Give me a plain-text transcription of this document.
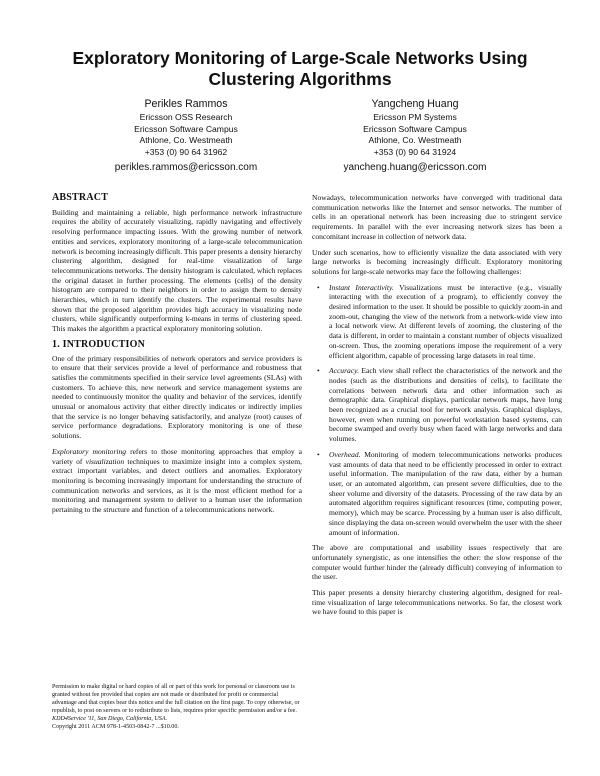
Exploratory Monitoring of Large-Scale Networks Using Clustering Algorithms
Perikles Rammos
Ericsson OSS Research
Ericsson Software Campus
Athlone, Co. Westmeath
+353 (0) 90 64 31962
perikles.rammos@ericsson.com
Yangcheng Huang
Ericsson PM Systems
Ericsson Software Campus
Athlone, Co. Westmeath
+353 (0) 90 64 31924
yancheng.huang@ericsson.com
ABSTRACT

Building and maintaining a reliable, high performance network infrastructure requires the ability of accurately visualizing, rapidly navigating and effectively resolving performance impacting issues. With the growing number of network entities and services, exploratory monitoring of a large-scale telecommunication network is becoming increasingly difficult. This paper presents a density hierarchy clustering algorithm, designed for real-time visualization of large telecommunications networks. The density histogram is calculated, which replaces the original dataset in further processing. The elements (cells) of the density histogram are compared to their neighbors in order to assign them to density hierarchies, which in turn identify the clusters. The experimental results have shown that the proposed algorithm provides high accuracy in visualizing node clusters, while significantly outperforming k-means in terms of clustering speed. This makes the algorithm a practical exploratory monitoring solution.

1. INTRODUCTION

One of the primary responsibilities of network operators and service providers is to ensure that their services provide a level of performance and robustness that satisfies the commitments specified in their service level agreements (SLAs) with customers. To achieve this, new network and service management systems are needed to continuously monitor the quality and behavior of the services, identify unusual or anomalous activity that either directly indicates or indirectly implies that the service is no longer behaving satisfactorily, and analyze (root) causes of service performance degradations. Exploratory monitoring is one of these solutions.

Exploratory monitoring refers to those monitoring approaches that employ a variety of visualization techniques to maximize insight into a complex system, extract important variables, and detect outliers and anomalies. Exploratory monitoring is becoming increasingly important for understanding the structure of communication networks and services, as it is the most efficient method for a monitoring and management system to deliver to a human user the information pertaining to the structure and function of a telecommunications network.

Permission to make digital or hard copies of all or part of this work for personal or classroom use is granted without fee provided that copies are not made or distributed for profit or commercial advantage and that copies bear this notice and the full citation on the first page. To copy otherwise, or republish, to post on servers or to redistribute to lists, requires prior specific permission and/or a fee.

KDD4Service '11, San Diego, California, USA.

Copyright 2011 ACM 978-1-4503-0842-7 ...$10.00.

Nowadays, telecommunication networks have converged with traditional data communication networks like the Internet and sensor networks. The number of cells in an operational network has been increasing due to stringent service requirements. In parallel with the ever increasing network sizes has been a concomitant increase in collection of network data.

Under such scenarios, how to efficiently visualize the data associated with very large networks is becoming increasingly difficult. Exploratory monitoring solutions for large-scale networks may face the following challenges:

• Instant Interactivity. Visualizations must be interactive (e.g., visually interacting with the execution of a program), to efficiently convey the desired information to the user. It should be possible to quickly zoom-in and zoom-out, changing the view of the network from a network-wide view into a local network view. At different levels of zooming, the clustering of the data is different, in order to maintain a constant number of objects visualized on-screen. Thus, the zooming operations impose the requirement of a very efficient algorithm, capable of processing large datasets in real time.
• Accuracy. Each view shall reflect the characteristics of the network and the nodes (such as the distributions and densities of cells), to facilitate the correlations between network data and other information such as demographic data. Graphical displays, particular network maps, have long been recognized as a crucial tool for network analysis. Graphical displays, however, even when running on powerful workstation based systems, can become swamped and overly busy when faced with large networks and data volumes.
• Overhead. Monitoring of modern telecommunications networks produces vast amounts of data that need to be efficiently processed in order to extract useful information. The manipulation of the raw data, either by a human user, or an automated algorithm, can present severe difficulties, due to the sheer volume and diversity of the datasets. Processing of the raw data by an automated algorithm requires significant resources (time, computing power, memory), which may be scarce. Processing by a human user is also difficult, since displaying the data on-screen would overwhelm the user with the sheer amount of information.

The above are computational and usability issues respectively that are unfortunately synergistic, as one intensifies the other: the slow response of the computer would further hinder the (already difficult) conveying of information to the user.

This paper presents a density hierarchy clustering algorithm, designed for real-time visualization of large telecommunications networks. So far, the closest work we have found to this paper is
